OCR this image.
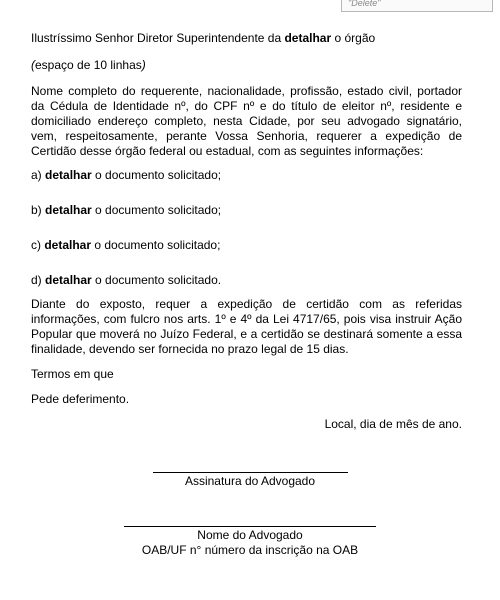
"Delete"

Ilustríssimo Senhor Diretor Superintendente da detalhar o órgão

(espaço de 10 linhas)

Nome completo do requerente, nacionalidade, profissão, estado civil, portador da Cédula de Identidade nº, do CPF nº e do título de eleitor nº, residente e domiciliado endereço completo, nesta Cidade, por seu advogado signatário, vem, respeitosamente, perante Vossa Senhoria, requerer a expedição de Certidão desse órgão federal ou estadual, com as seguintes informações:

a) detalhar o documento solicitado;

b) detalhar o documento solicitado;

c) detalhar o documento solicitado;

d) detalhar o documento solicitado.

Diante do exposto, requer a expedição de certidão com as referidas informações, com fulcro nos arts. 1º e 4º da Lei 4717/65, pois visa instruir Ação Popular que moverá no Juízo Federal, e a certidão se destinará somente a essa finalidade, devendo ser fornecida no prazo legal de 15 dias.

Termos em que

Pede deferimento.

Local, dia de mês de ano.

Assinatura do Advogado

Nome do Advogado

OAB/UF n° número da inscrição na OAB
